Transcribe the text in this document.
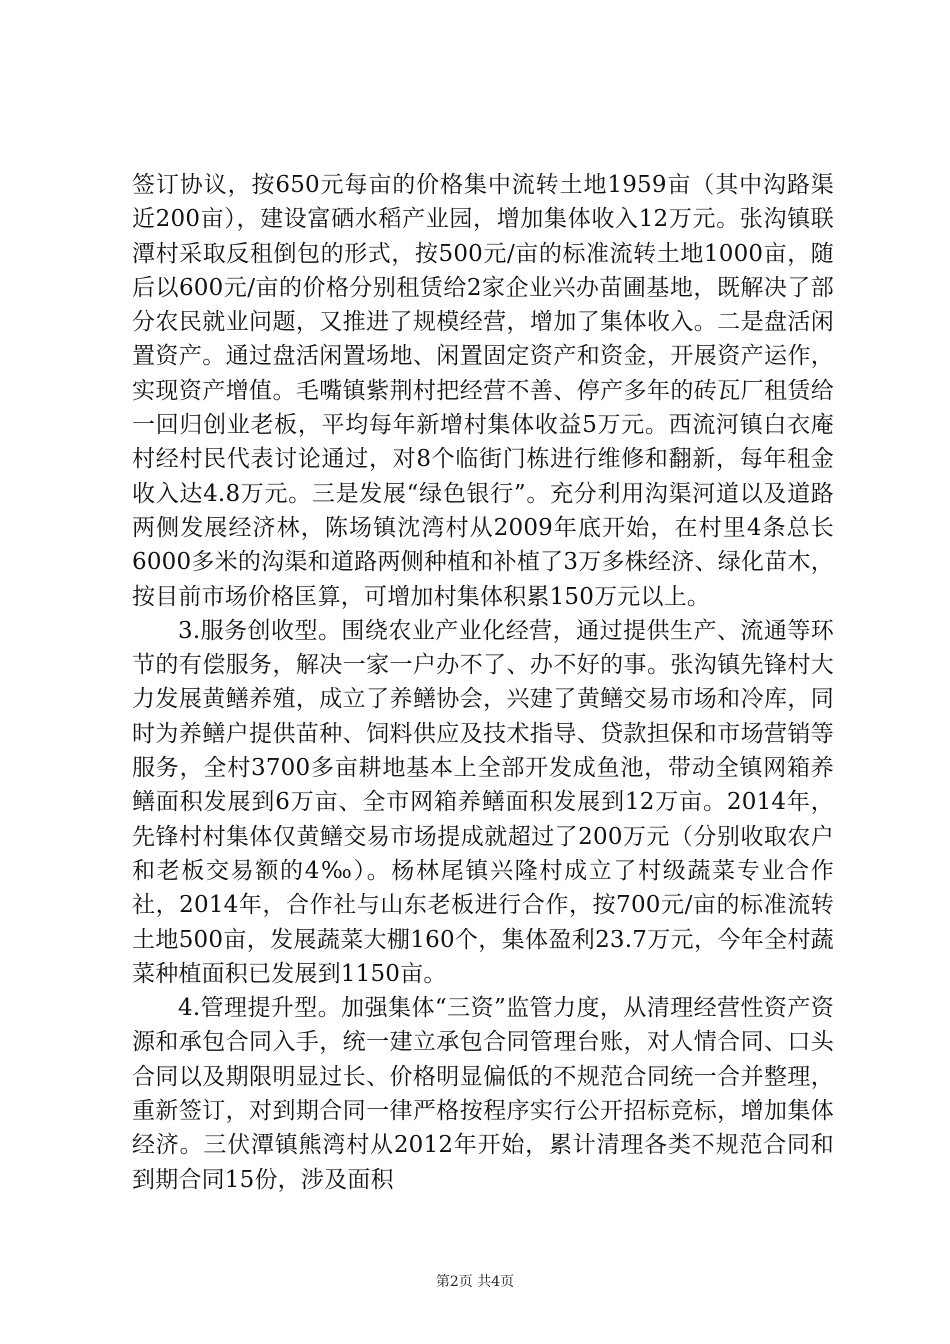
签订协议，按650元每亩的价格集中流转土地1959亩（其中沟路渠近200亩），建设富硒水稻产业园，增加集体收入12万元。张沟镇联潭村采取反租倒包的形式，按500元/亩的标准流转土地1000亩，随后以600元/亩的价格分别租赁给2家企业兴办苗圃基地，既解决了部分农民就业问题，又推进了规模经营，增加了集体收入。二是盘活闲置资产。通过盘活闲置场地、闲置固定资产和资金，开展资产运作，实现资产增值。毛嘴镇紫荆村把经营不善、停产多年的砖瓦厂租赁给一回归创业老板，平均每年新增村集体收益5万元。西流河镇白衣庵村经村民代表讨论通过，对8个临街门栋进行维修和翻新，每年租金收入达4.8万元。三是发展“绿色银行”。充分利用沟渠河道以及道路两侧发展经济林，陈场镇沈湾村从2009年底开始，在村里4条总长6000多米的沟渠和道路两侧种植和补植了3万多株经济、绿化苗木，按目前市场价格匡算，可增加村集体积累150万元以上。

3.服务创收型。围绕农业产业化经营，通过提供生产、流通等环节的有偿服务，解决一家一户办不了、办不好的事。张沟镇先锋村大力发展黄鳝养殖，成立了养鳝协会，兴建了黄鳝交易市场和冷库，同时为养鳝户提供苗种、饲料供应及技术指导、贷款担保和市场营销等服务，全村3700多亩耕地基本上全部开发成鱼池，带动全镇网箱养鳝面积发展到6万亩、全市网箱养鳝面积发展到12万亩。2014年，先锋村村集体仅黄鳝交易市场提成就超过了200万元（分别收取农户和老板交易额的4‰）。杨林尾镇兴隆村成立了村级蔬菜专业合作社，2014年，合作社与山东老板进行合作，按700元/亩的标准流转土地500亩，发展蔬菜大棚160个，集体盈利23.7万元，今年全村蔬菜种植面积已发展到1150亩。

4.管理提升型。加强集体“三资”监管力度，从清理经营性资产资源和承包合同入手，统一建立承包合同管理台账，对人情合同、口头合同以及期限明显过长、价格明显偏低的不规范合同统一合并整理，重新签订，对到期合同一律严格按程序实行公开招标竞标，增加集体经济。三伏潭镇熊湾村从2012年开始，累计清理各类不规范合同和到期合同15份，涉及面积

第2页 共4页
